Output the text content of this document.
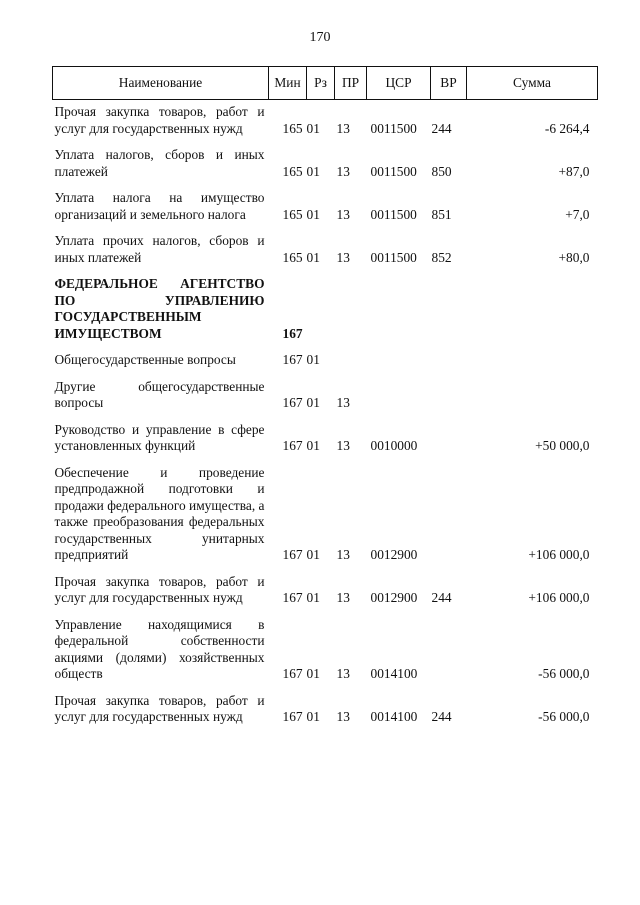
170
Наименование	Мин	Рз	ПР	ЦСР	ВР	Сумма
Прочая закупка товаров, работ и услуг для государственных нужд	165	01	13	0011500	244	-6 264,4

Уплата налогов, сборов и иных платежей	165	01	13	0011500	850	+87,0

Уплата налога на имущество организаций и земельного налога	165	01	13	0011500	851	+7,0

Уплата прочих налогов, сборов и иных платежей	165	01	13	0011500	852	+80,0

ФЕДЕРАЛЬНОЕ АГЕНТСТВО ПО УПРАВЛЕНИЮ ГОСУДАРСТВЕННЫМ ИМУЩЕСТВОМ	167					

Общегосударственные вопросы	167	01				

Другие общегосударственные вопросы	167	01	13			

Руководство и управление в сфере установленных функций	167	01	13	0010000		+50 000,0

Обеспечение и проведение предпродажной подготовки и продажи федерального имущества, а также преобразования федеральных государственных унитарных предприятий	167	01	13	0012900		+106 000,0

Прочая закупка товаров, работ и услуг для государственных нужд	167	01	13	0012900	244	+106 000,0

Управление находящимися в федеральной собственности акциями (долями) хозяйственных обществ	167	01	13	0014100		-56 000,0

Прочая закупка товаров, работ и услуг для государственных нужд	167	01	13	0014100	244	-56 000,0
